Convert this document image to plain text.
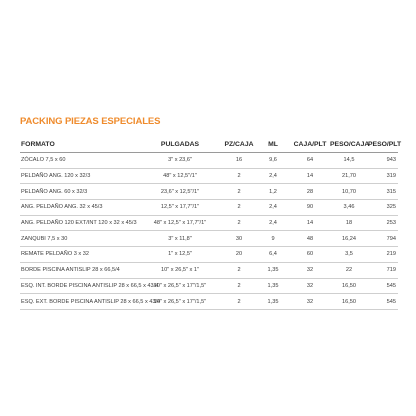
PACKING PIEZAS ESPECIALES
FORMATO	PULGADAS	PZ/CAJA	ML	CAJA/PLT	PESO/CAJA	PESO/PLT
ZÓCALO 7,5 x 60	3" x 23,6"	16	9,6	64	14,5	943
PELDAÑO ANG. 120 x 32/3	48" x 12,5"/1"	2	2,4	14	21,70	319
PELDAÑO ANG. 60 x 32/3	23,6" x 12,5"/1"	2	1,2	28	10,70	315
ANG. PELDAÑO ANG. 32 x 45/3	12,5" x 17,7"/1"	2	2,4	90	3,46	325
ANG. PELDAÑO 120 EXT/INT 120 x 32 x 45/3	48" x 12,5" x 17,7"/1"	2	2,4	14	18	253
ZANQUBI 7,5 x 30	3" x 11,8"	30	9	48	16,24	794
REMATE PELDAÑO 3 x 32	1" x 12,5"	20	6,4	60	3,5	219
BORDE PISCINA ANTISLIP 28 x 66,5/4	10" x 26,5" x 1"	2	1,35	32	22	719
ESQ. INT. BORDE PISCINA ANTISLIP 28 x 66,5 x 43/4	10" x 26,5" x 17"/1,5"	2	1,35	32	16,50	545
ESQ. EXT. BORDE PISCINA ANTISLIP 28 x 66,5 x 43/4	10" x 26,5" x 17"/1,5"	2	1,35	32	16,50	545
